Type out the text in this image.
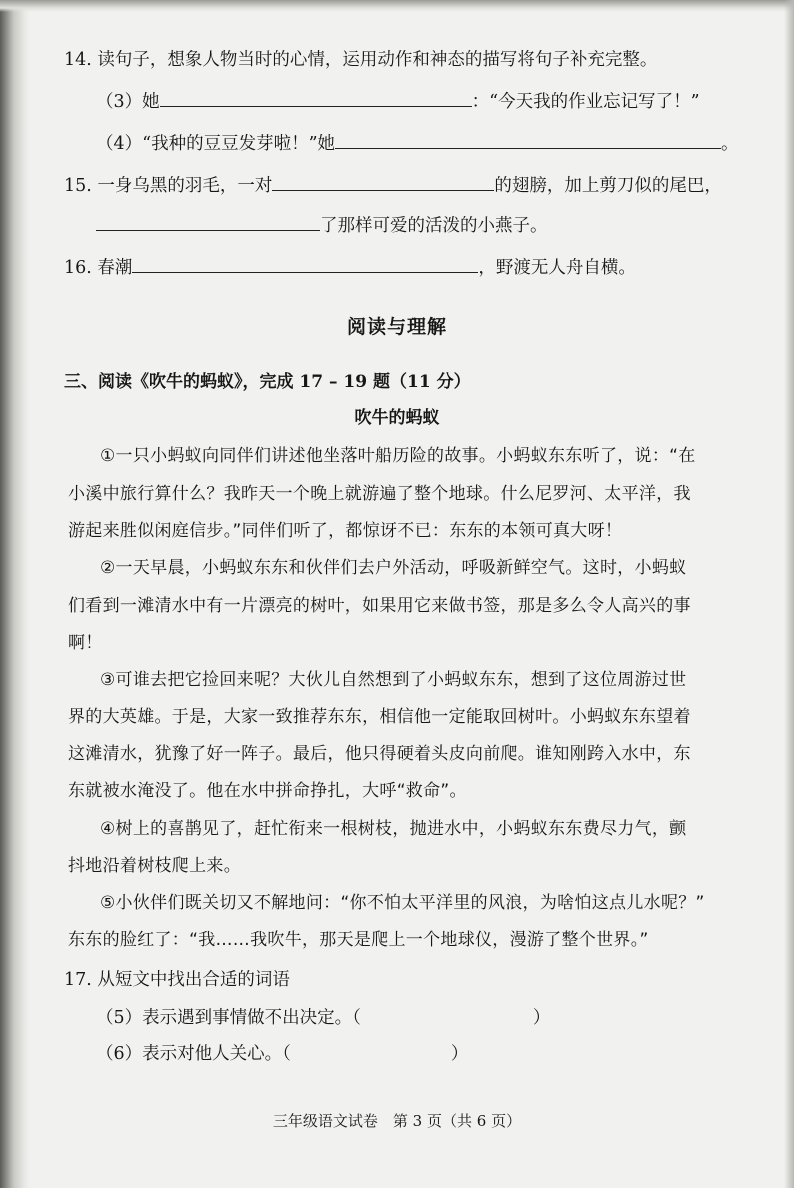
14. 读句子，想象人物当时的心情，运用动作和神态的描写将句子补充完整。
（3）她	：“今天我的作业忘记写了！”
（4）“我种的豆豆发芽啦！”她	。
15. 一身乌黑的羽毛，一对	的翅膀，加上剪刀似的尾巴，
了那样可爱的活泼的小燕子。
16. 春潮	，野渡无人舟自横。
阅读与理解
三、阅读《吹牛的蚂蚁》，完成 17 – 19 题（11 分）
吹牛的蚂蚁
①一只小蚂蚁向同伴们讲述他坐落叶船历险的故事。小蚂蚁东东听了，说：“在
小溪中旅行算什么？我昨天一个晚上就游遍了整个地球。什么尼罗河、太平洋，我
游起来胜似闲庭信步。”同伴们听了，都惊讶不已：东东的本领可真大呀！
②一天早晨，小蚂蚁东东和伙伴们去户外活动，呼吸新鲜空气。这时，小蚂蚁
们看到一滩清水中有一片漂亮的树叶，如果用它来做书签，那是多么令人高兴的事
啊！
③可谁去把它捡回来呢？大伙儿自然想到了小蚂蚁东东，想到了这位周游过世
界的大英雄。于是，大家一致推荐东东，相信他一定能取回树叶。小蚂蚁东东望着
这滩清水，犹豫了好一阵子。最后，他只得硬着头皮向前爬。谁知刚跨入水中，东
东就被水淹没了。他在水中拼命挣扎，大呼“救命”。
④树上的喜鹊见了，赶忙衔来一根树枝，抛进水中，小蚂蚁东东费尽力气，颤
抖地沿着树枝爬上来。
⑤小伙伴们既关切又不解地问：“你不怕太平洋里的风浪，为啥怕这点儿水呢？”
东东的脸红了：“我……我吹牛，那天是爬上一个地球仪，漫游了整个世界。”
17. 从短文中找出合适的词语
（5）表示遇到事情做不出决定。（	）
（6）表示对他人关心。（	）
三年级语文试卷　第 3 页（共 6 页）
